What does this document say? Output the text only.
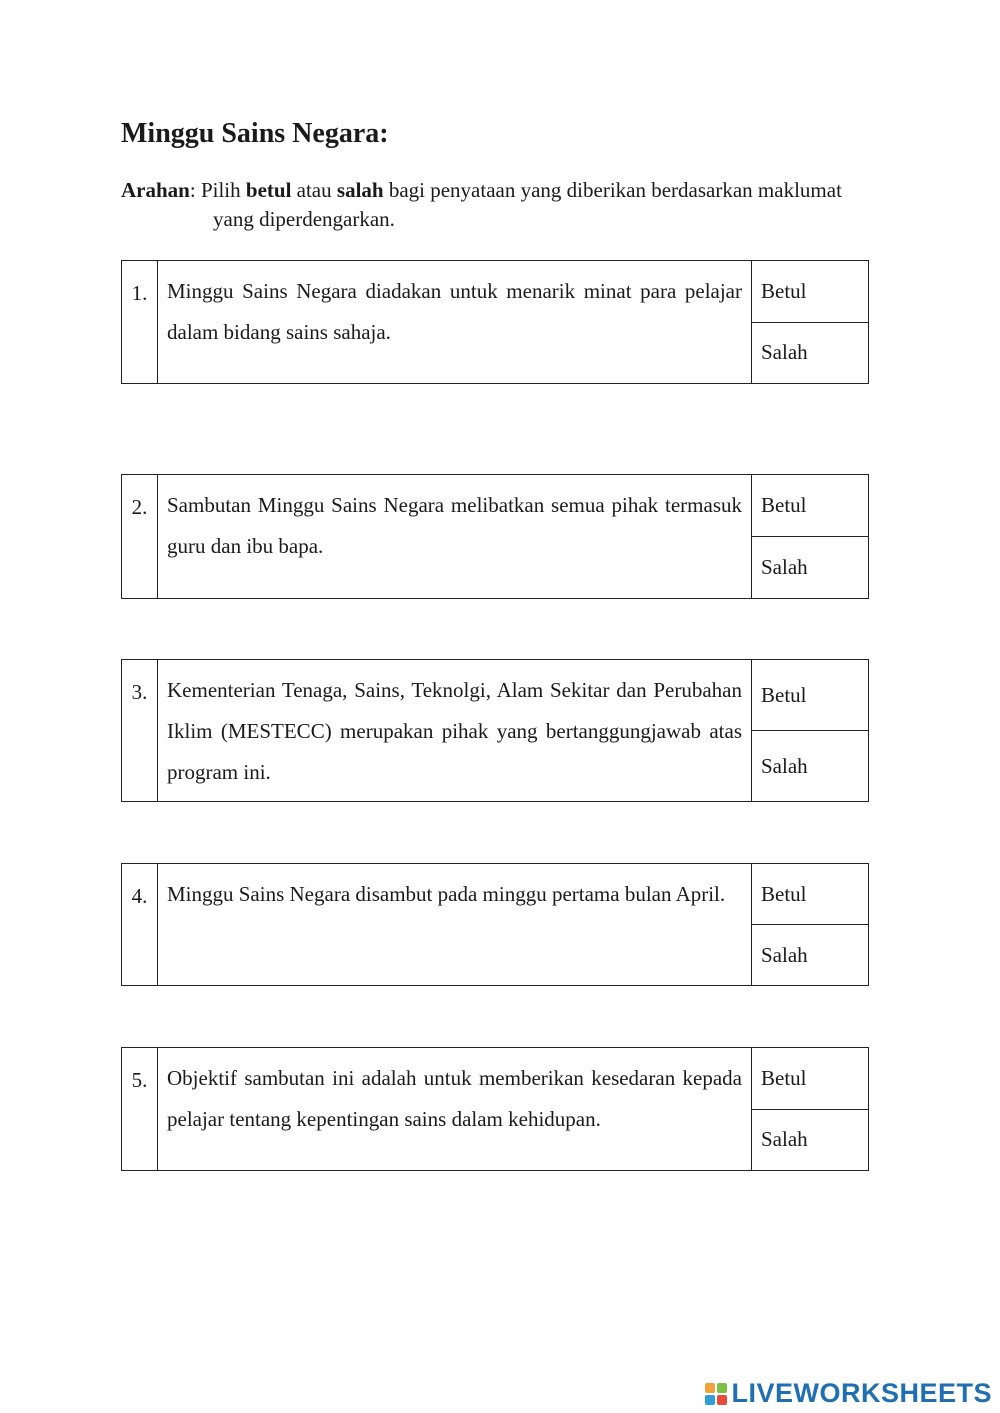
Minggu Sains Negara:
Arahan: Pilih betul atau salah bagi penyataan yang diberikan berdasarkan maklumat
yang diperdengarkan.
1. Minggu Sains Negara diadakan untuk menarik minat para pelajar dalam bidang sains sahaja.
Betul
Salah
2. Sambutan Minggu Sains Negara melibatkan semua pihak termasuk guru dan ibu bapa.
Betul
Salah
3. Kementerian Tenaga, Sains, Teknolgi, Alam Sekitar dan Perubahan Iklim (MESTECC) merupakan pihak yang bertanggungjawab atas program ini.
Betul
Salah
4. Minggu Sains Negara disambut pada minggu pertama bulan April.	Betul
Salah
5. Objektif sambutan ini adalah untuk memberikan kesedaran kepada pelajar tentang kepentingan sains dalam kehidupan.
Betul
Salah
LIVEWORKSHEETS
